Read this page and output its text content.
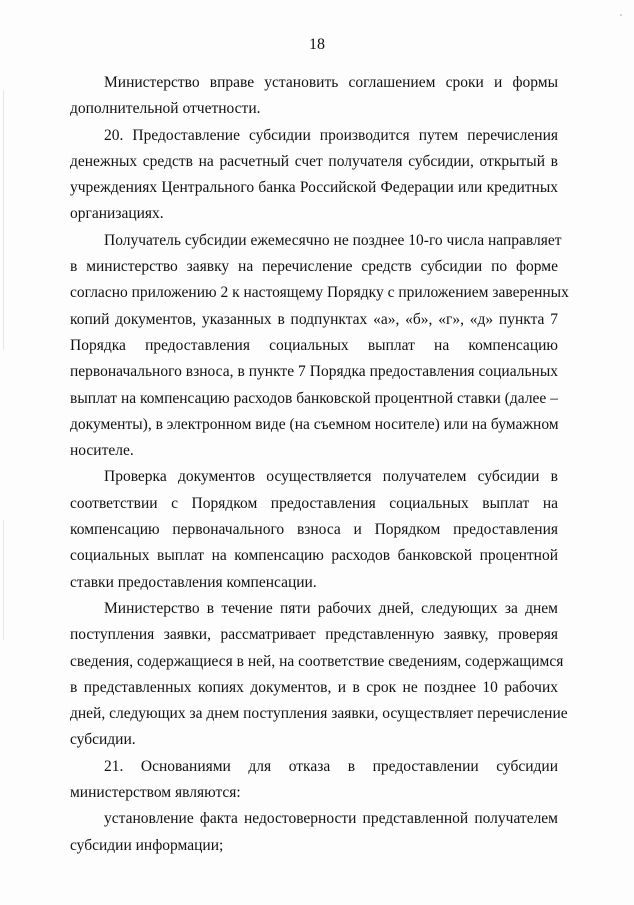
18

Министерство вправе установить соглашением сроки и формы
дополнительной отчетности.

20. Предоставление субсидии производится путем перечисления
денежных средств на расчетный счет получателя субсидии, открытый в
учреждениях Центрального банка Российской Федерации или кредитных
организациях.

Получатель субсидии ежемесячно не позднее 10-го числа направляет
в министерство заявку на перечисление средств субсидии по форме
согласно приложению 2 к настоящему Порядку с приложением заверенных
копий документов, указанных в подпунктах «а», «б», «г», «д» пункта 7
Порядка предоставления социальных выплат на компенсацию
первоначального взноса, в пункте 7 Порядка предоставления социальных
выплат на компенсацию расходов банковской процентной ставки (далее –
документы), в электронном виде (на съемном носителе) или на бумажном
носителе.

Проверка документов осуществляется получателем субсидии в
соответствии с Порядком предоставления социальных выплат на
компенсацию первоначального взноса и Порядком предоставления
социальных выплат на компенсацию расходов банковской процентной
ставки предоставления компенсации.

Министерство в течение пяти рабочих дней, следующих за днем
поступления заявки, рассматривает представленную заявку, проверяя
сведения, содержащиеся в ней, на соответствие сведениям, содержащимся
в представленных копиях документов, и в срок не позднее 10 рабочих
дней, следующих за днем поступления заявки, осуществляет перечисление
субсидии.

21. Основаниями для отказа в предоставлении субсидии
министерством являются:

установление факта недостоверности представленной получателем
субсидии информации;
